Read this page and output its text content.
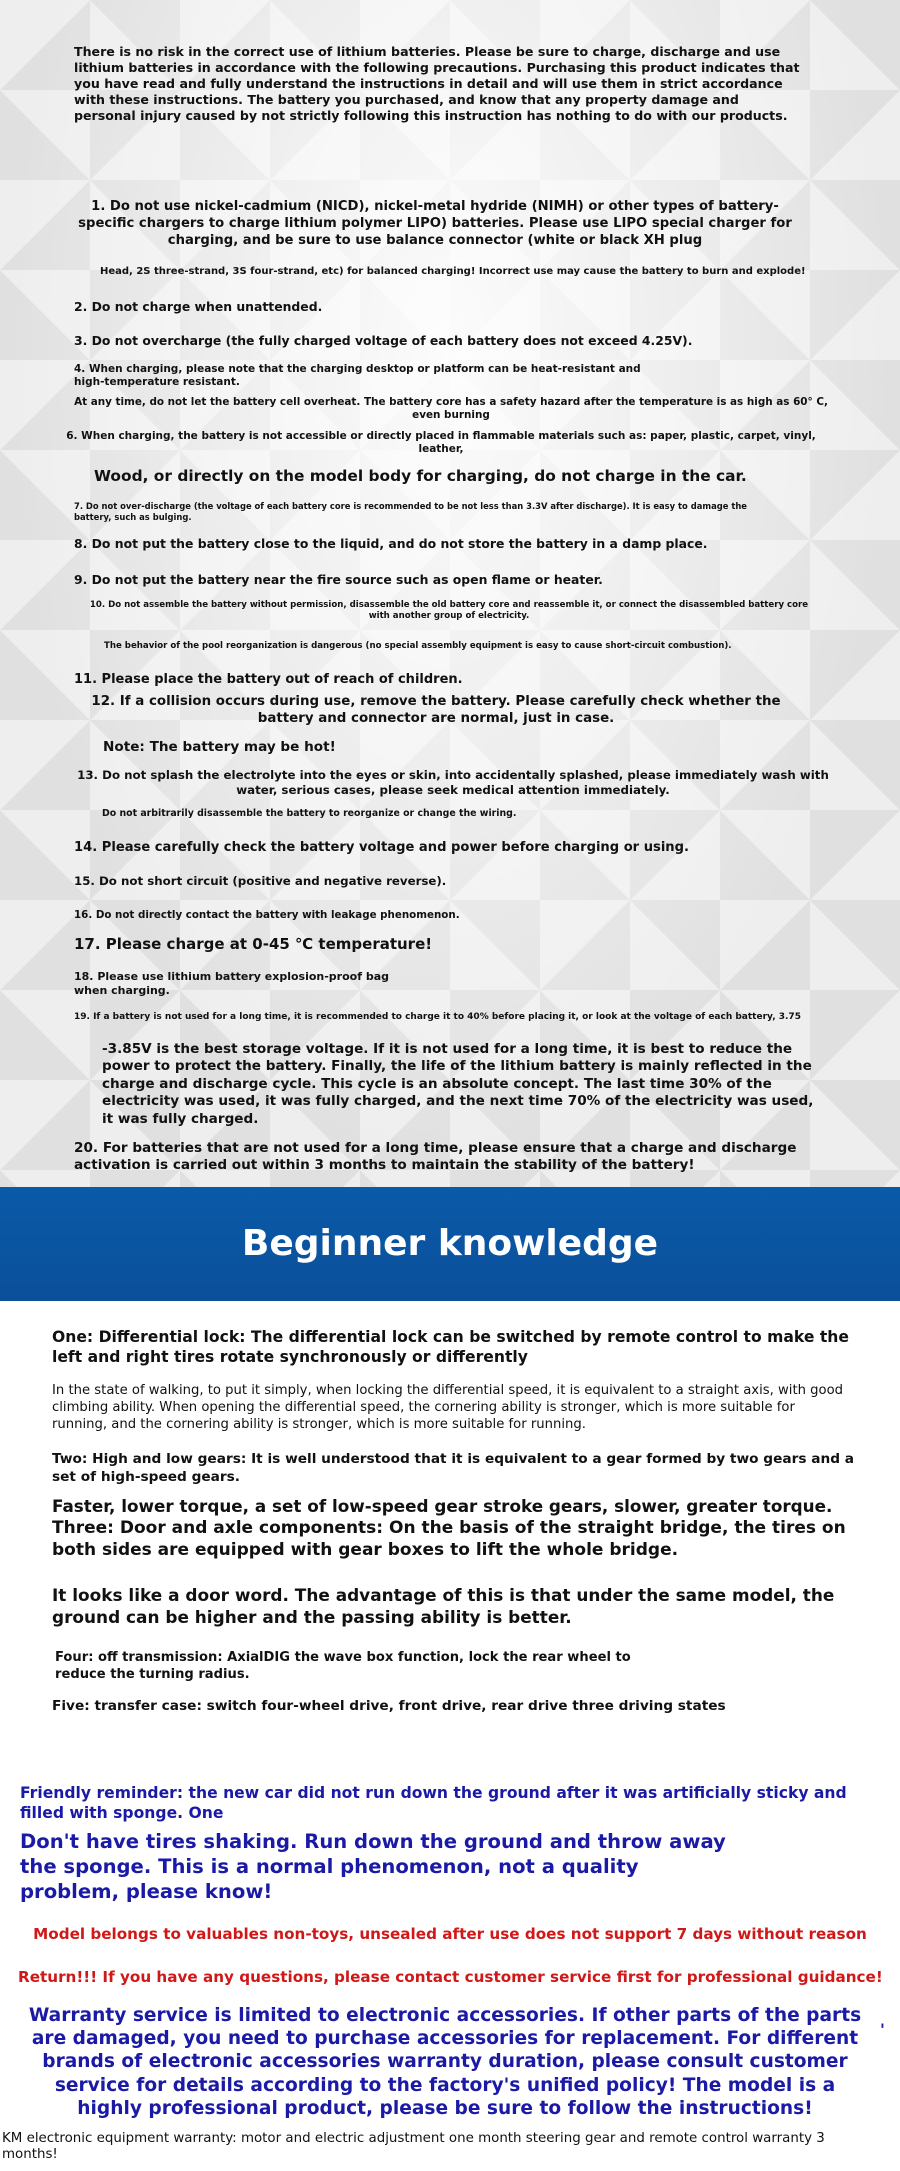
There is no risk in the correct use of lithium batteries. Please be sure to charge, discharge and use lithium batteries in accordance with the following precautions. Purchasing this product indicates that you have read and fully understand the instructions in detail and will use them in strict accordance with these instructions. The battery you purchased, and know that any property damage and personal injury caused by not strictly following this instruction has nothing to do with our products.

1. Do not use nickel-cadmium (NICD), nickel-metal hydride (NIMH) or other types of battery-specific chargers to charge lithium polymer LIPO) batteries. Please use LIPO special charger for charging, and be sure to use balance connector (white or black XH plug

Head, 2S three-strand, 3S four-strand, etc) for balanced charging! Incorrect use may cause the battery to burn and explode!

2. Do not charge when unattended.

3. Do not overcharge (the fully charged voltage of each battery does not exceed 4.25V).

4. When charging, please note that the charging desktop or platform can be heat-resistant and high-temperature resistant.

At any time, do not let the battery cell overheat. The battery core has a safety hazard after the temperature is as high as 60° C, even burning

6. When charging, the battery is not accessible or directly placed in flammable materials such as: paper, plastic, carpet, vinyl, leather,

Wood, or directly on the model body for charging, do not charge in the car.

7. Do not over-discharge (the voltage of each battery core is recommended to be not less than 3.3V after discharge). It is easy to damage the battery, such as bulging.

8. Do not put the battery close to the liquid, and do not store the battery in a damp place.

9. Do not put the battery near the fire source such as open flame or heater.

10. Do not assemble the battery without permission, disassemble the old battery core and reassemble it, or connect the disassembled battery core with another group of electricity.

The behavior of the pool reorganization is dangerous (no special assembly equipment is easy to cause short-circuit combustion).

11. Please place the battery out of reach of children.

12. If a collision occurs during use, remove the battery. Please carefully check whether the battery and connector are normal, just in case.

Note: The battery may be hot!

13. Do not splash the electrolyte into the eyes or skin, into accidentally splashed, please immediately wash with water, serious cases, please seek medical attention immediately.

Do not arbitrarily disassemble the battery to reorganize or change the wiring.

14. Please carefully check the battery voltage and power before charging or using.

15. Do not short circuit (positive and negative reverse).

16. Do not directly contact the battery with leakage phenomenon.

17. Please charge at 0-45 ℃ temperature!

18. Please use lithium battery explosion-proof bag when charging.

19. If a battery is not used for a long time, it is recommended to charge it to 40% before placing it, or look at the voltage of each battery, 3.75

-3.85V is the best storage voltage. If it is not used for a long time, it is best to reduce the power to protect the battery. Finally, the life of the lithium battery is mainly reflected in the charge and discharge cycle. This cycle is an absolute concept. The last time 30% of the electricity was used, it was fully charged, and the next time 70% of the electricity was used, it was fully charged.

20. For batteries that are not used for a long time, please ensure that a charge and discharge activation is carried out within 3 months to maintain the stability of the battery!

Beginner knowledge

One: Differential lock: The differential lock can be switched by remote control to make the left and right tires rotate synchronously or differently

In the state of walking, to put it simply, when locking the differential speed, it is equivalent to a straight axis, with good climbing ability. When opening the differential speed, the cornering ability is stronger, which is more suitable for running, and the cornering ability is stronger, which is more suitable for running.

Two: High and low gears: It is well understood that it is equivalent to a gear formed by two gears and a set of high-speed gears.

Faster, lower torque, a set of low-speed gear stroke gears, slower, greater torque.

Three: Door and axle components: On the basis of the straight bridge, the tires on both sides are equipped with gear boxes to lift the whole bridge.

It looks like a door word. The advantage of this is that under the same model, the ground can be higher and the passing ability is better.

Four: off transmission: AxialDIG the wave box function, lock the rear wheel to reduce the turning radius.

Five: transfer case: switch four-wheel drive, front drive, rear drive three driving states

Friendly reminder: the new car did not run down the ground after it was artificially sticky and filled with sponge. One

Don't have tires shaking. Run down the ground and throw away the sponge. This is a normal phenomenon, not a quality problem, please know!

Model belongs to valuables non-toys, unsealed after use does not support 7 days without reason

Return!!! If you have any questions, please contact customer service first for professional guidance!

Warranty service is limited to electronic accessories. If other parts of the parts are damaged, you need to purchase accessories for replacement. For different brands of electronic accessories warranty duration, please consult customer service for details according to the factory's unified policy! The model is a highly professional product, please be sure to follow the instructions!

'

KM electronic equipment warranty: motor and electric adjustment one month steering gear and remote control warranty 3 months!
